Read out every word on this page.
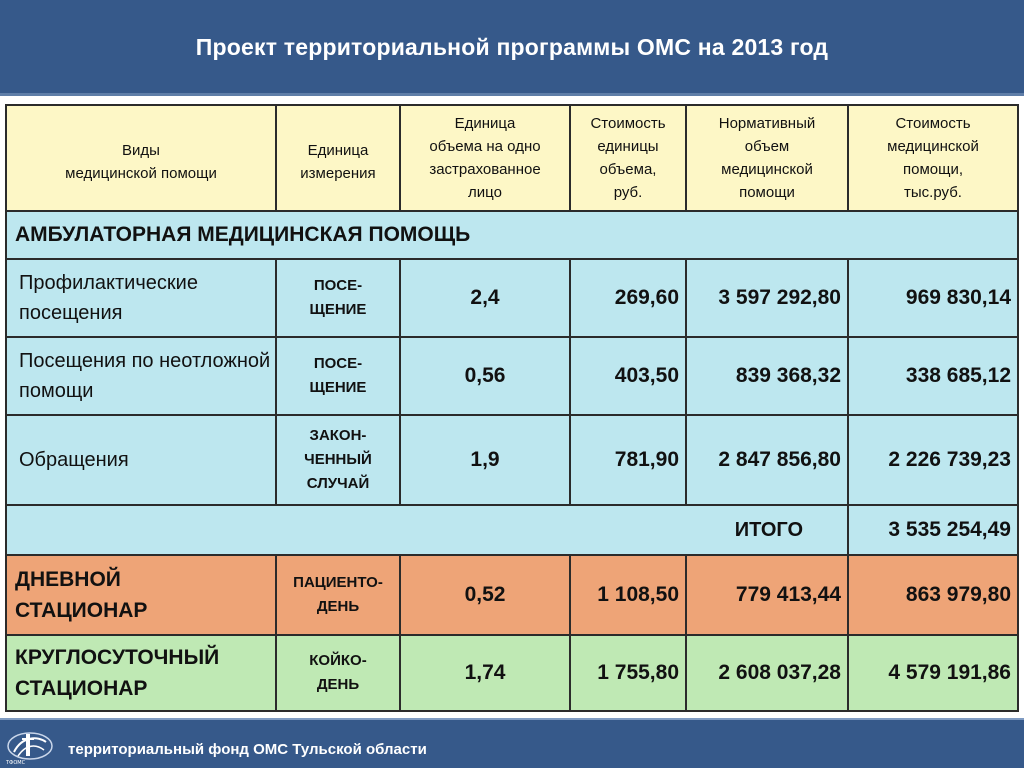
Проект территориальной программы ОМС на 2013 год
Виды
медицинской помощи	Единица
измерения	Единица
объема на одно
застрахованное
лицо	Стоимость
единицы
объема,
руб.	Нормативный
объем
медицинской
помощи	Стоимость
медицинской
помощи,
тыс.руб.
АМБУЛАТОРНАЯ МЕДИЦИНСКАЯ ПОМОЩЬ					
Профилактические посещения	ПОСЕ-
ЩЕНИЕ	2,4	269,60	3 597 292,80	969 830,14
Посещения по неотложной помощи	ПОСЕ-
ЩЕНИЕ	0,56	403,50	839 368,32	338 685,12
Обращения	ЗАКОН-
ЧЕННЫЙ
СЛУЧАЙ	1,9	781,90	2 847 856,80	2 226 739,23
ИТОГО					3 535 254,49
ДНЕВНОЙ
СТАЦИОНАР	ПАЦИЕНТО-
ДЕНЬ	0,52	1 108,50	779 413,44	863 979,80
КРУГЛОСУТОЧНЫЙ
СТАЦИОНАР	КОЙКО-
ДЕНЬ	1,74	1 755,80	2 608 037,28	4 579 191,86
ТФОМС
территориальный фонд ОМС Тульской области
